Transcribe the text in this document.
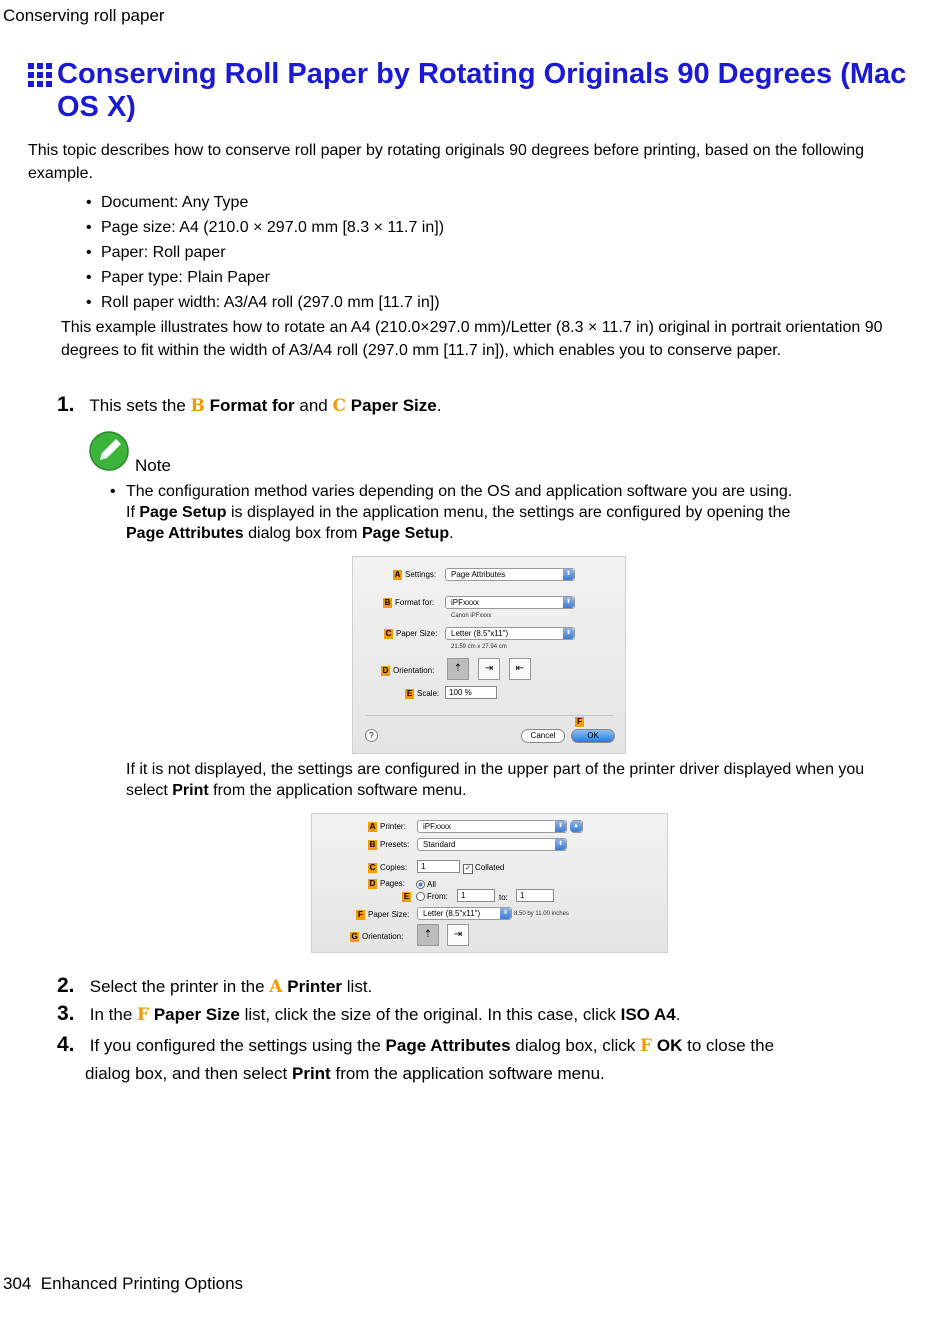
Conserving roll paper
Conserving Roll Paper by Rotating Originals 90 Degrees (Mac OS X)
This topic describes how to conserve roll paper by rotating originals 90 degrees before printing, based on the following example.
• Document: Any Type
• Page size: A4 (210.0 × 297.0 mm [8.3 × 11.7 in])
• Paper: Roll paper
• Paper type: Plain Paper
• Roll paper width: A3/A4 roll (297.0 mm [11.7 in])
This example illustrates how to rotate an A4 (210.0×297.0 mm)/Letter (8.3 × 11.7 in) original in portrait orientation 90 degrees to fit within the width of A3/A4 roll (297.0 mm [11.7 in]), which enables you to conserve paper.
1. This sets the B Format for and C Paper Size.
Note
• The configuration method varies depending on the OS and application software you are using.
If Page Setup is displayed in the application menu, the settings are configured by opening the
Page Attributes dialog box from Page Setup.
A Settings:	Page Attributes	⬍
B Format for:	iPFxxxx	⬍
Canon iPFxxxx
C Paper Size:	Letter (8.5"x11")	⬍
21.59 cm x 27.94 cm
D Orientation:	⇡	⇥	⇤
E Scale:	100 %
?	Cancel
F
OK
If it is not displayed, the settings are configured in the upper part of the printer driver displayed when you select Print from the application software menu.
A Printer:	iPFxxxx	⬍	▲
B Presets:	Standard	⬍
C Copies:	1	✓ Collated
D Pages:	All
E	From:	1	to:	1
F Paper Size:	Letter (8.5"x11")	⬍ 8.50 by 11.00 inches
G Orientation:	⇡	⇥
2. Select the printer in the A Printer list.
3. In the F Paper Size list, click the size of the original. In this case, click ISO A4.
4. If you configured the settings using the Page Attributes dialog box, click F OK to close the
dialog box, and then select Print from the application software menu.
304  Enhanced Printing Options
